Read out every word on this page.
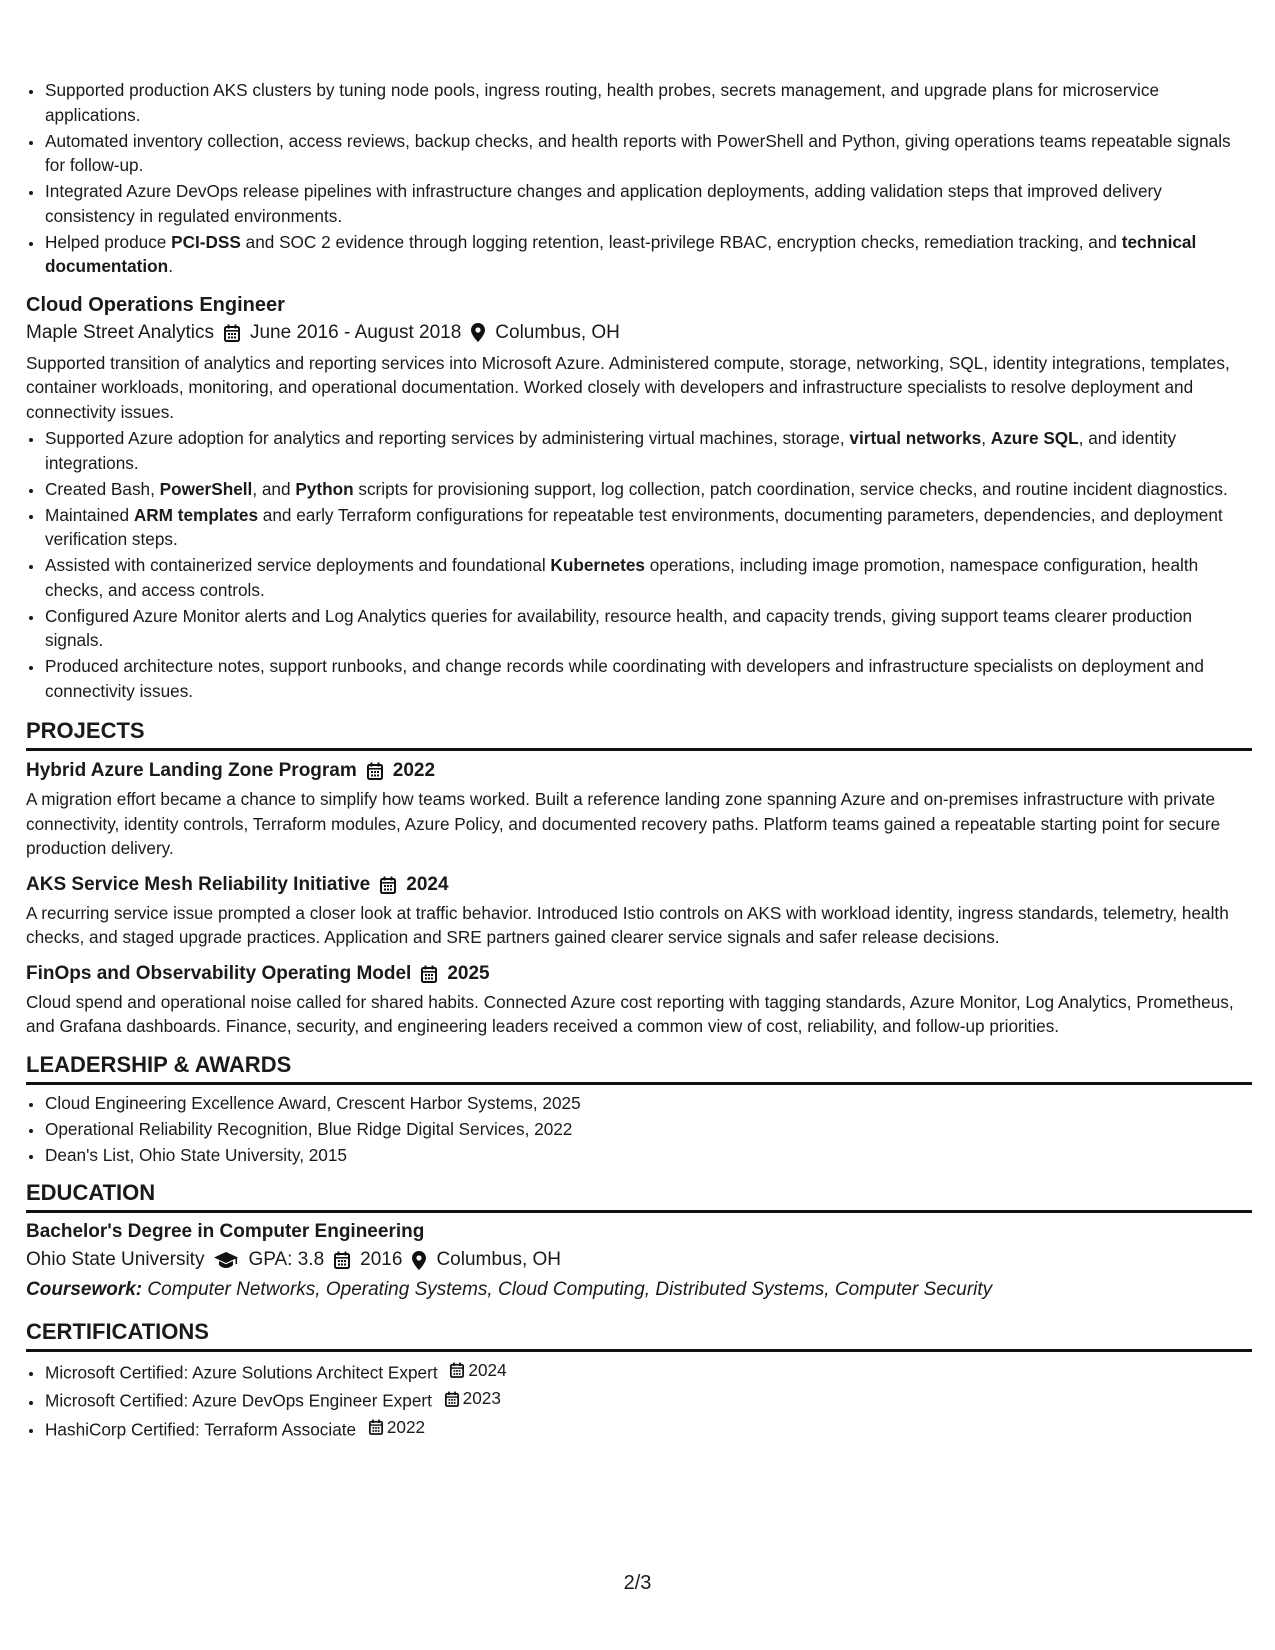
• Supported production AKS clusters by tuning node pools, ingress routing, health probes, secrets management, and upgrade plans for microservice applications.
• Automated inventory collection, access reviews, backup checks, and health reports with PowerShell and Python, giving operations teams repeatable signals for follow-up.
• Integrated Azure DevOps release pipelines with infrastructure changes and application deployments, adding validation steps that improved delivery consistency in regulated environments.
• Helped produce PCI-DSS and SOC 2 evidence through logging retention, least-privilege RBAC, encryption checks, remediation tracking, and technical documentation.
Cloud Operations Engineer
Maple Street Analytics June 2016 - August 2018 Columbus, OH
Supported transition of analytics and reporting services into Microsoft Azure. Administered compute, storage, networking, SQL, identity integrations, templates, container workloads, monitoring, and operational documentation. Worked closely with developers and infrastructure specialists to resolve deployment and connectivity issues.
• Supported Azure adoption for analytics and reporting services by administering virtual machines, storage, virtual networks, Azure SQL, and identity integrations.
• Created Bash, PowerShell, and Python scripts for provisioning support, log collection, patch coordination, service checks, and routine incident diagnostics.
• Maintained ARM templates and early Terraform configurations for repeatable test environments, documenting parameters, dependencies, and deployment verification steps.
• Assisted with containerized service deployments and foundational Kubernetes operations, including image promotion, namespace configuration, health checks, and access controls.
• Configured Azure Monitor alerts and Log Analytics queries for availability, resource health, and capacity trends, giving support teams clearer production signals.
• Produced architecture notes, support runbooks, and change records while coordinating with developers and infrastructure specialists on deployment and connectivity issues.
PROJECTS
Hybrid Azure Landing Zone Program 2022
A migration effort became a chance to simplify how teams worked. Built a reference landing zone spanning Azure and on-premises infrastructure with private connectivity, identity controls, Terraform modules, Azure Policy, and documented recovery paths. Platform teams gained a repeatable starting point for secure production delivery.
AKS Service Mesh Reliability Initiative 2024
A recurring service issue prompted a closer look at traffic behavior. Introduced Istio controls on AKS with workload identity, ingress standards, telemetry, health checks, and staged upgrade practices. Application and SRE partners gained clearer service signals and safer release decisions.
FinOps and Observability Operating Model 2025
Cloud spend and operational noise called for shared habits. Connected Azure cost reporting with tagging standards, Azure Monitor, Log Analytics, Prometheus, and Grafana dashboards. Finance, security, and engineering leaders received a common view of cost, reliability, and follow-up priorities.
LEADERSHIP & AWARDS
• Cloud Engineering Excellence Award, Crescent Harbor Systems, 2025
• Operational Reliability Recognition, Blue Ridge Digital Services, 2022
• Dean's List, Ohio State University, 2015
EDUCATION
Bachelor's Degree in Computer Engineering
Ohio State University GPA: 3.8 2016 Columbus, OH
Coursework: Computer Networks, Operating Systems, Cloud Computing, Distributed Systems, Computer Security
CERTIFICATIONS
• Microsoft Certified: Azure Solutions Architect Expert 2024
• Microsoft Certified: Azure DevOps Engineer Expert 2023
• HashiCorp Certified: Terraform Associate 2022
2/3
